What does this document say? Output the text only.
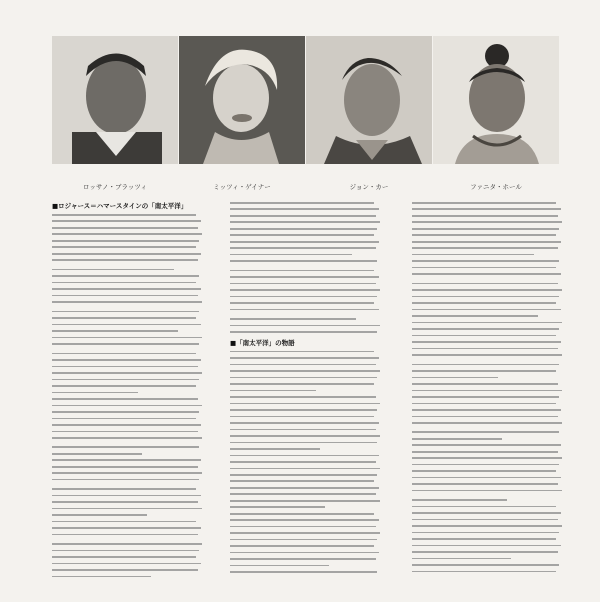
ロッサノ・ブラッツィ	ミッツィ・ゲイナー	ジョン・カー	ファニタ・ホール
■ロジャース＝ハマースタインの「南太平洋」
■「南太平洋」の物語
